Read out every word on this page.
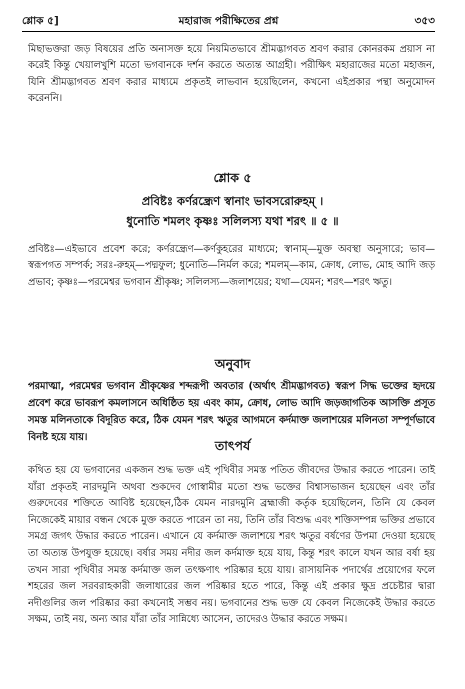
শ্লোক ৫]	মহারাজ পরীক্ষিতের প্রশ্ন	৩৫৩

মিছাভক্তরা জড় বিষয়ের প্রতি অনাসক্ত হয়ে নিয়মিতভাবে শ্রীমদ্ভাগবত শ্রবণ করার কোনরকম প্রয়াস না করেই কিন্তু খেয়ালখুশি মতো ভগবানকে দর্শন করতে অত্যন্ত আগ্রহী। পরীক্ষিৎ মহারাজের মতো মহাজন, যিনি শ্রীমদ্ভাগবত শ্রবণ করার মাধ্যমে প্রকৃতই লাভবান হয়েছিলেন, কখনো এইপ্রকার পন্থা অনুমোদন করেননি।

শ্লোক ৫

প্রবিষ্টঃ কর্ণরন্ধ্রেণ স্বানাং ভাবসরোরুহম্ ।

ধুনোতি শমলং কৃষ্ণঃ সলিলস্য যথা শরৎ ॥ ৫ ॥

প্রবিষ্টঃ—এইভাবে প্রবেশ করে; কর্ণরন্ধ্রেণ—কর্ণকুহরের মাধ্যমে; স্বানাম্—মুক্ত অবস্থা অনুসারে; ভাব—স্বরূপগত সম্পর্ক; সরঃ-রুহম্—পদ্মফুল; ধুনোতি—নির্মল করে; শমলম্—কাম, ক্রোধ, লোভ, মোহ আদি জড় প্রভাব; কৃষ্ণঃ—পরমেশ্বর ভগবান শ্রীকৃষ্ণ; সলিলস্য—জলাশয়ের; যথা—যেমন; শরৎ—শরৎ ঋতু।

অনুবাদ

পরমাত্মা, পরমেশ্বর ভগবান শ্রীকৃষ্ণের শব্দরূপী অবতার (অর্থাৎ শ্রীমদ্ভাগবত) স্বরূপ সিদ্ধ ভক্তের হৃদয়ে প্রবেশ করে ভাবরূপ কমলাসনে অধিষ্ঠিত হয় এবং কাম, ক্রোধ, লোভ আদি জড়জাগতিক আসক্তি প্রসূত সমস্ত মলিনতাকে বিদূরিত করে, ঠিক যেমন শরৎ ঋতুর আগমনে কর্দমাক্ত জলাশয়ের মলিনতা সম্পূর্ণভাবে বিনষ্ট হয়ে যায়।

তাৎপর্য

কথিত হয় যে ভগবানের একজন শুদ্ধ ভক্ত এই পৃথিবীর সমস্ত পতিত জীবদের উদ্ধার করতে পারেন। তাই যাঁরা প্রকৃতই নারদমুনি অথবা শুকদেব গোস্বামীর মতো শুদ্ধ ভক্তের বিশ্বাসভাজন হয়েছেন এবং তাঁর গুরুদেবের শক্তিতে আবিষ্ট হয়েছেন,ঠিক যেমন নারদমুনি ব্রহ্মাজী কর্তৃক হয়েছিলেন, তিনি যে কেবল নিজেকেই মায়ার বন্ধন থেকে মুক্ত করতে পারেন তা নয়, তিনি তাঁর বিশুদ্ধ এবং শক্তিসম্পন্ন ভক্তির প্রভাবে সমগ্র জগৎ উদ্ধার করতে পারেন। এখানে যে কর্দমাক্ত জলাশয়ে শরৎ ঋতুর বর্ষণের উপমা দেওয়া হয়েছে তা অত্যন্ত উপযুক্ত হয়েছে। বর্ষার সময় নদীর জল কর্দমাক্ত হয়ে যায়, কিন্তু শরৎ কালে যখন আর বর্ষা হয় তখন সারা পৃথিবীর সমস্ত কর্দমাক্ত জল তৎক্ষণাৎ পরিষ্কার হয়ে যায়। রাসায়নিক পদার্থের প্রয়োগের ফলে শহরের জল সরবরাহকারী জলাধারের জল পরিষ্কার হতে পারে, কিন্তু এই প্রকার ক্ষুদ্র প্রচেষ্টার দ্বারা নদীগুলির জল পরিষ্কার করা কখনোই সম্ভব নয়। ভগবানের শুদ্ধ ভক্ত যে কেবল নিজেকেই উদ্ধার করতে সক্ষম, তাই নয়, অন্য আর যাঁরা তাঁর সান্নিধ্যে আসেন, তাদেরও উদ্ধার করতে সক্ষম।
